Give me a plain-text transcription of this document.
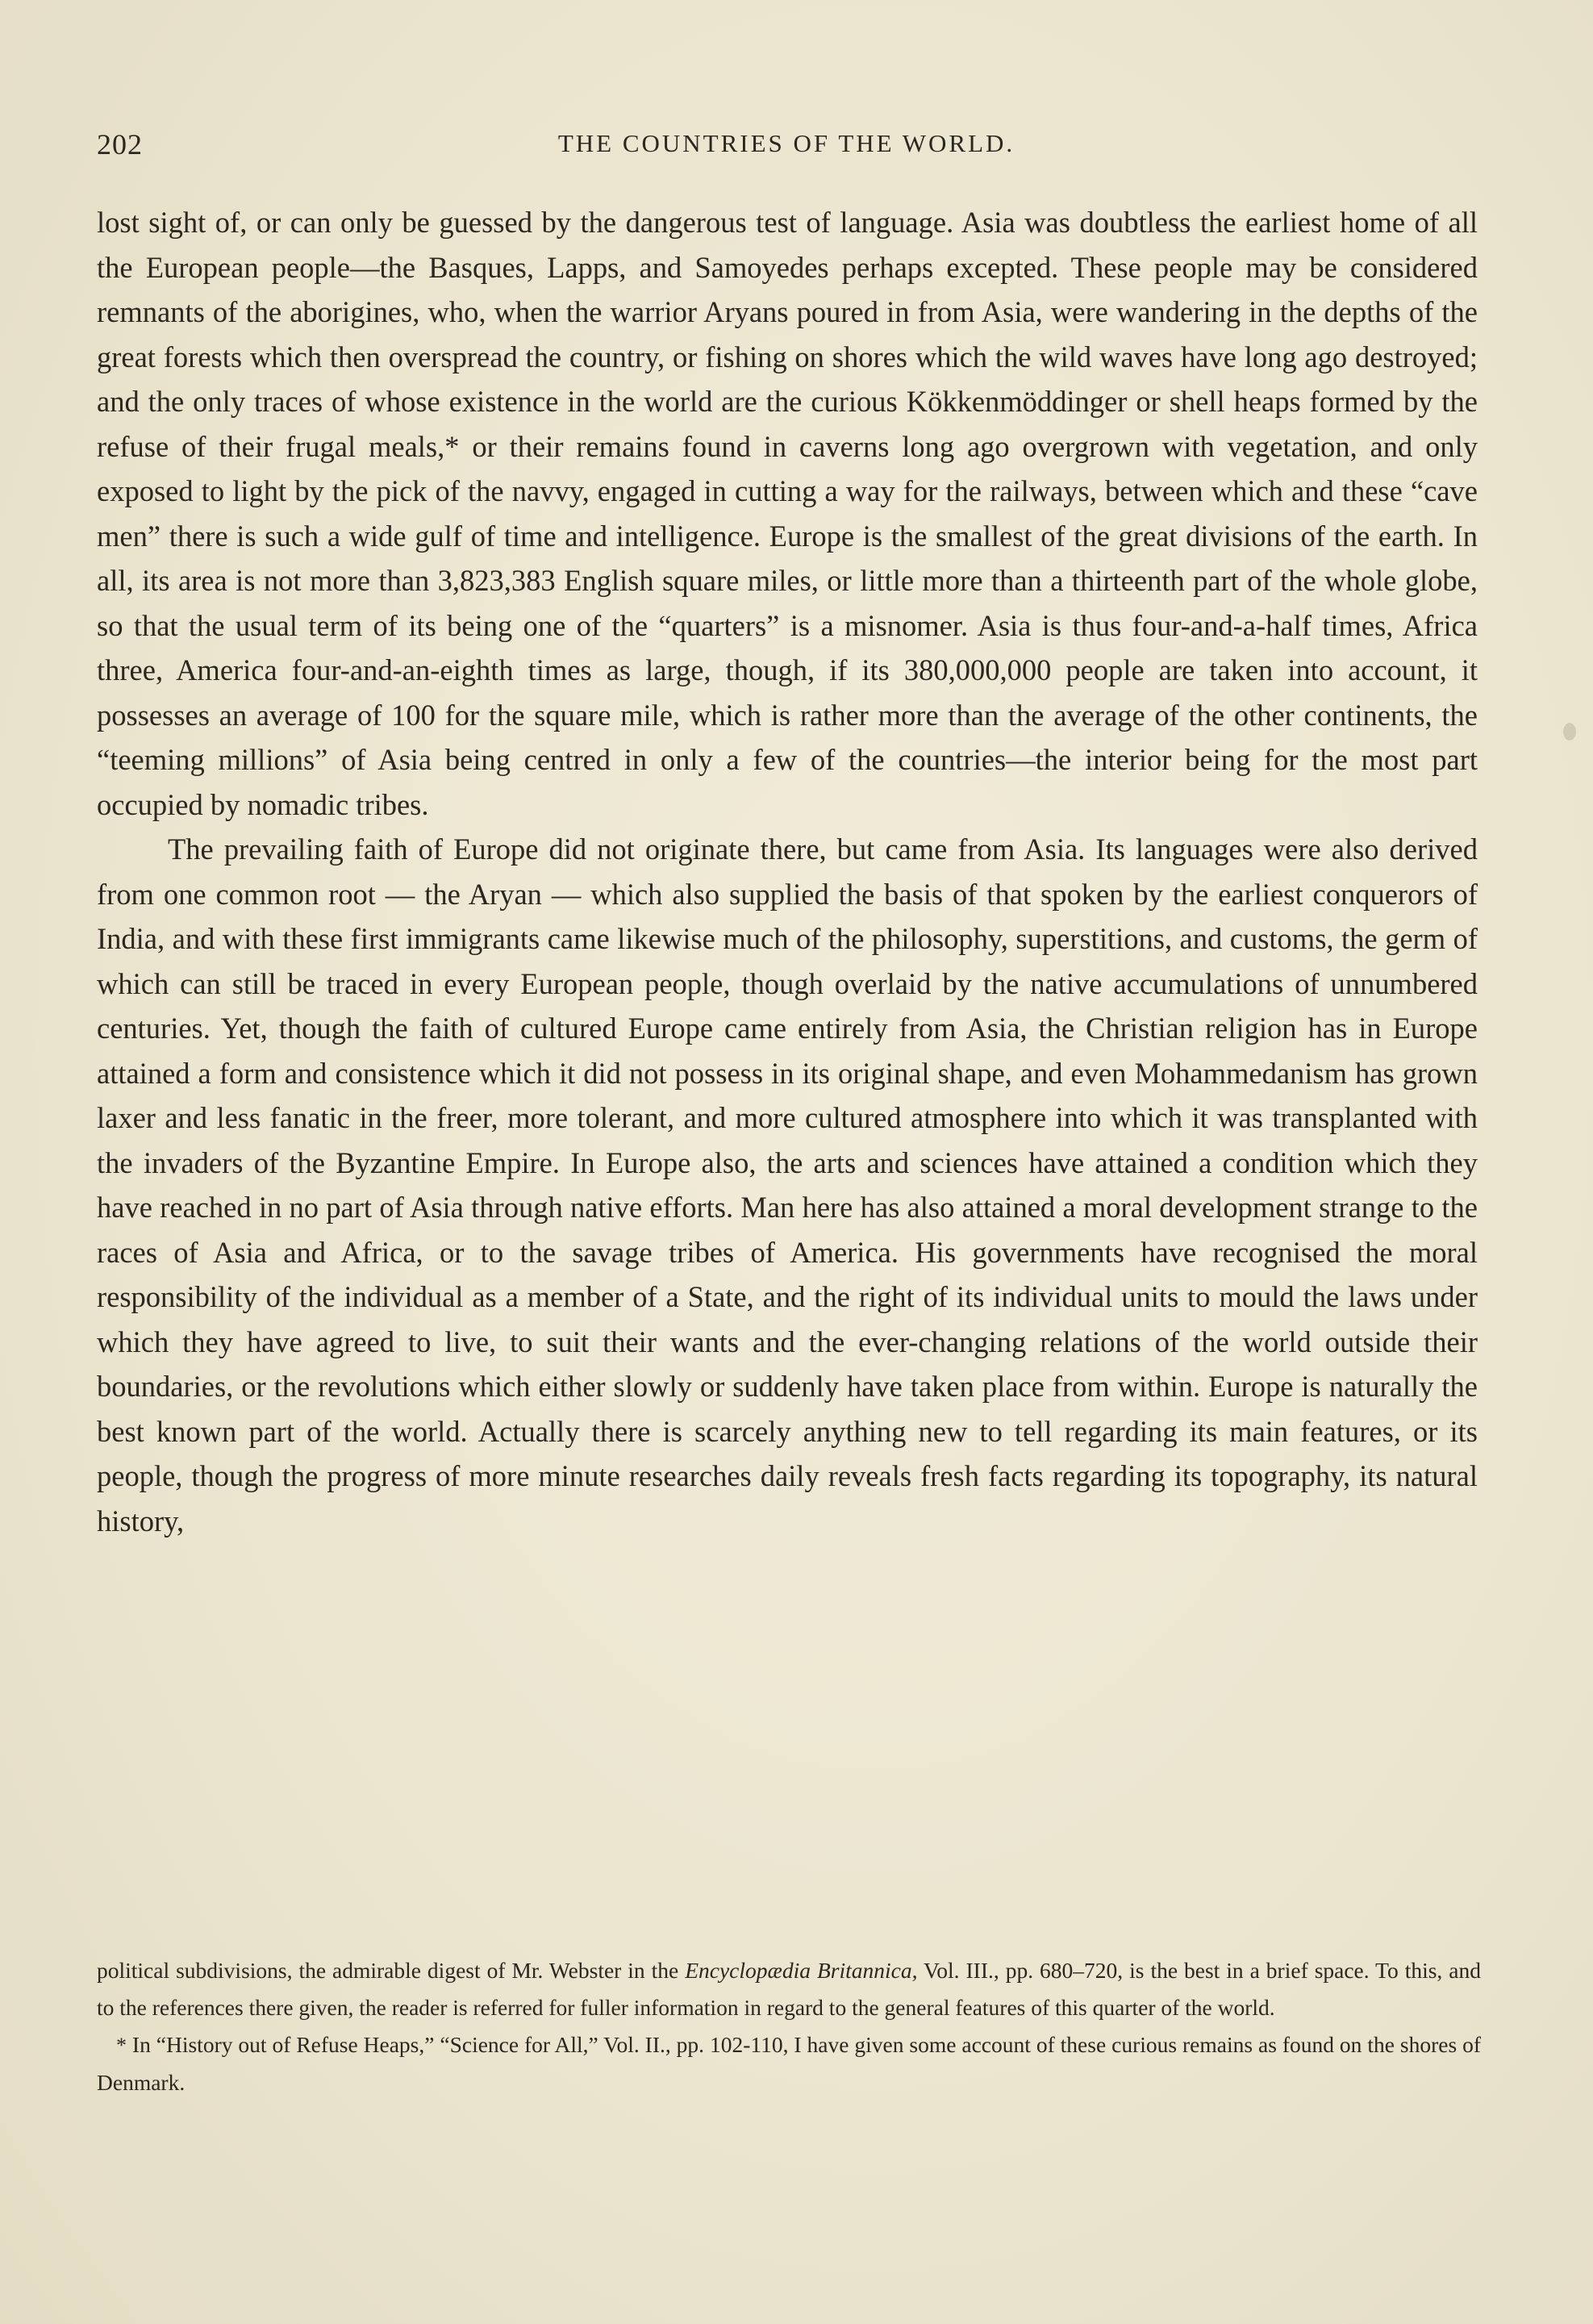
202	THE COUNTRIES OF THE WORLD.

lost sight of, or can only be guessed by the dangerous test of language. Asia was doubtless the earliest home of all the European people—the Basques, Lapps, and Samoyedes perhaps excepted. These people may be considered remnants of the aborigines, who, when the warrior Aryans poured in from Asia, were wandering in the depths of the great forests which then overspread the country, or fishing on shores which the wild waves have long ago destroyed; and the only traces of whose existence in the world are the curious Kökkenmöddinger or shell heaps formed by the refuse of their frugal meals,* or their remains found in caverns long ago overgrown with vegetation, and only exposed to light by the pick of the navvy, engaged in cutting a way for the railways, between which and these “cave men” there is such a wide gulf of time and intelligence. Europe is the smallest of the great divisions of the earth. In all, its area is not more than 3,823,383 English square miles, or little more than a thirteenth part of the whole globe, so that the usual term of its being one of the “quarters” is a misnomer. Asia is thus four-and-a-half times, Africa three, America four-and-an-eighth times as large, though, if its 380,000,000 people are taken into account, it possesses an average of 100 for the square mile, which is rather more than the average of the other continents, the “teeming millions” of Asia being centred in only a few of the countries—the interior being for the most part occupied by nomadic tribes.

The prevailing faith of Europe did not originate there, but came from Asia. Its languages were also derived from one common root — the Aryan — which also supplied the basis of that spoken by the earliest conquerors of India, and with these first immigrants came likewise much of the philosophy, superstitions, and customs, the germ of which can still be traced in every European people, though overlaid by the native accumulations of unnumbered centuries. Yet, though the faith of cultured Europe came entirely from Asia, the Christian religion has in Europe attained a form and consistence which it did not possess in its original shape, and even Mohammedanism has grown laxer and less fanatic in the freer, more tolerant, and more cultured atmosphere into which it was transplanted with the invaders of the Byzantine Empire. In Europe also, the arts and sciences have attained a condition which they have reached in no part of Asia through native efforts. Man here has also attained a moral development strange to the races of Asia and Africa, or to the savage tribes of America. His governments have recognised the moral responsibility of the individual as a member of a State, and the right of its individual units to mould the laws under which they have agreed to live, to suit their wants and the ever-changing relations of the world outside their boundaries, or the revolutions which either slowly or suddenly have taken place from within. Europe is naturally the best known part of the world. Actually there is scarcely anything new to tell regarding its main features, or its people, though the progress of more minute researches daily reveals fresh facts regarding its topography, its natural history,

political subdivisions, the admirable digest of Mr. Webster in the Encyclopædia Britannica, Vol. III., pp. 680–720, is the best in a brief space. To this, and to the references there given, the reader is referred for fuller information in regard to the general features of this quarter of the world.

* In “History out of Refuse Heaps,” “Science for All,” Vol. II., pp. 102-110, I have given some account of these curious remains as found on the shores of Denmark.
